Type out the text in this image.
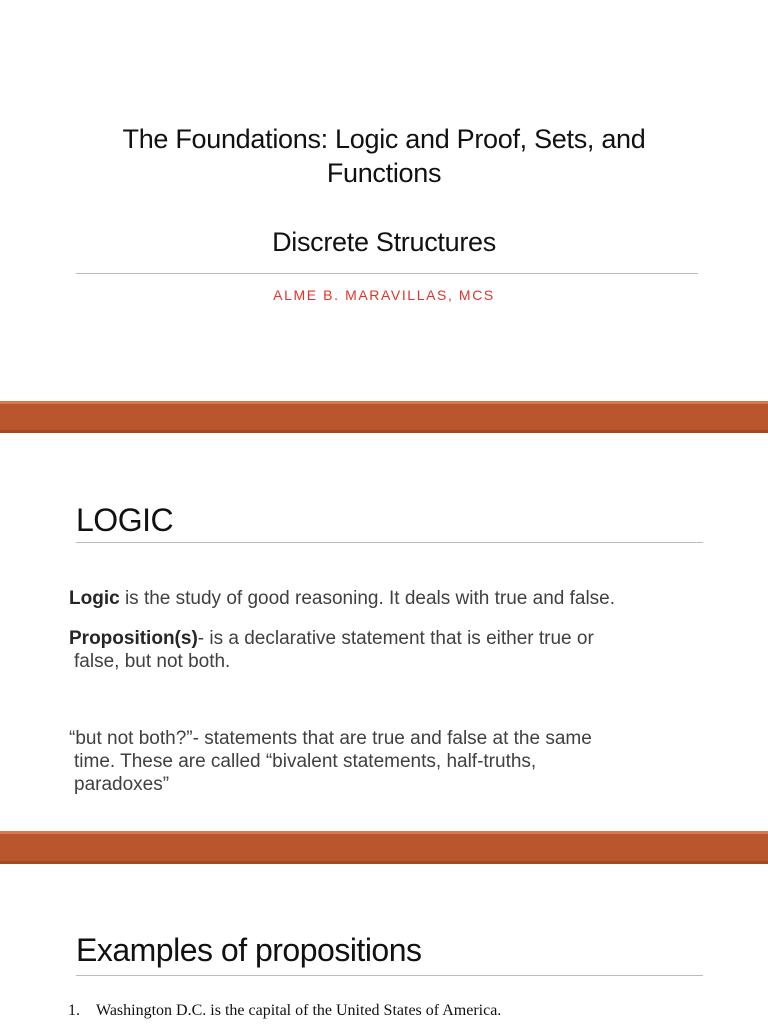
The Foundations: Logic and Proof, Sets, and
Functions
Discrete Structures
ALME B. MARAVILLAS, MCS
LOGIC
Logic is the study of good reasoning. It deals with true and false.
Proposition(s)- is a declarative statement that is either true or
false, but not both.
“but not both?”- statements that are true and false at the same
time. These are called “bivalent statements, half-truths,
paradoxes”
Examples of propositions
1. Washington D.C. is the capital of the United States of America.
